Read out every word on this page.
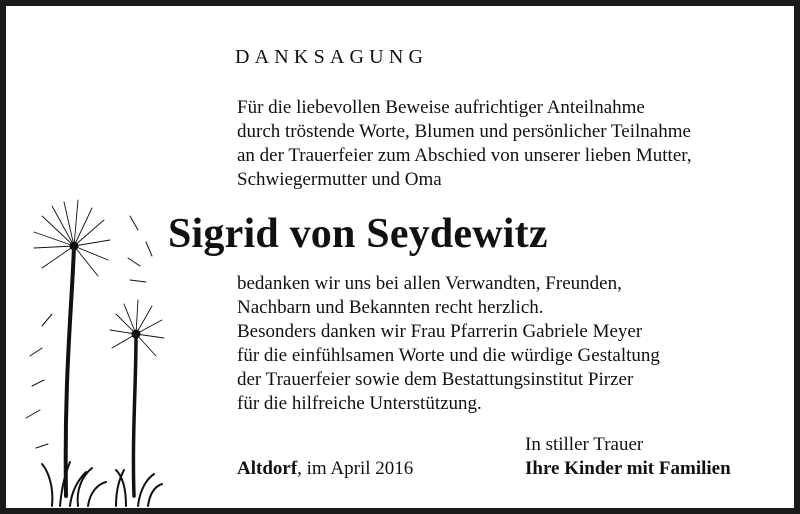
DANKSAGUNG
Für die liebevollen Beweise aufrichtiger Anteilnahme
durch tröstende Worte, Blumen und persönlicher Teilnahme
an der Trauerfeier zum Abschied von unserer lieben Mutter,
Schwiegermutter und Oma
Sigrid von Seydewitz
bedanken wir uns bei allen Verwandten, Freunden,
Nachbarn und Bekannten recht herzlich.
Besonders danken wir Frau Pfarrerin Gabriele Meyer
für die einfühlsamen Worte und die würdige Gestaltung
der Trauerfeier sowie dem Bestattungsinstitut Pirzer
für die hilfreiche Unterstützung.
Altdorf, im April 2016
In stiller Trauer
Ihre Kinder mit Familien
